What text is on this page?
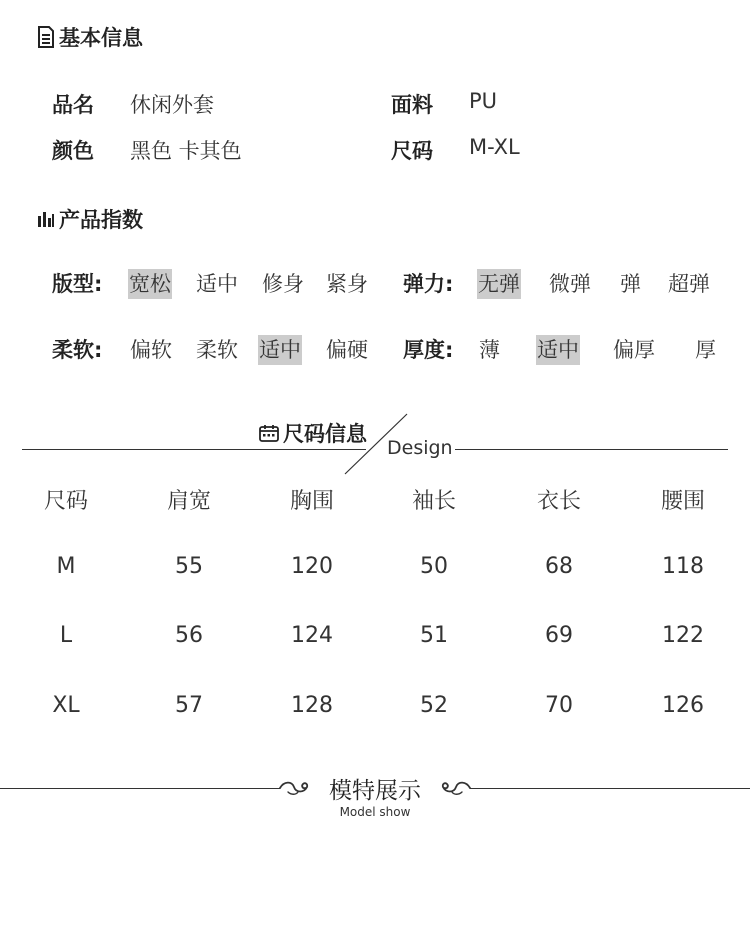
基本信息
品名 休闲外套	面料 PU
颜色 黑色 卡其色	尺码 M-XL
产品指数
版型: 宽松 适中 修身 紧身 弹力: 无弹 微弹 弹 超弹
柔软: 偏软 柔软 适中 偏硬 厚度: 薄 适中 偏厚 厚
尺码信息
Design
尺码	肩宽	胸围	袖长	衣长	腰围
M	55	120	50	68	118
L	56	124	51	69	122
XL	57	128	52	70	126
模特展示
Model show
